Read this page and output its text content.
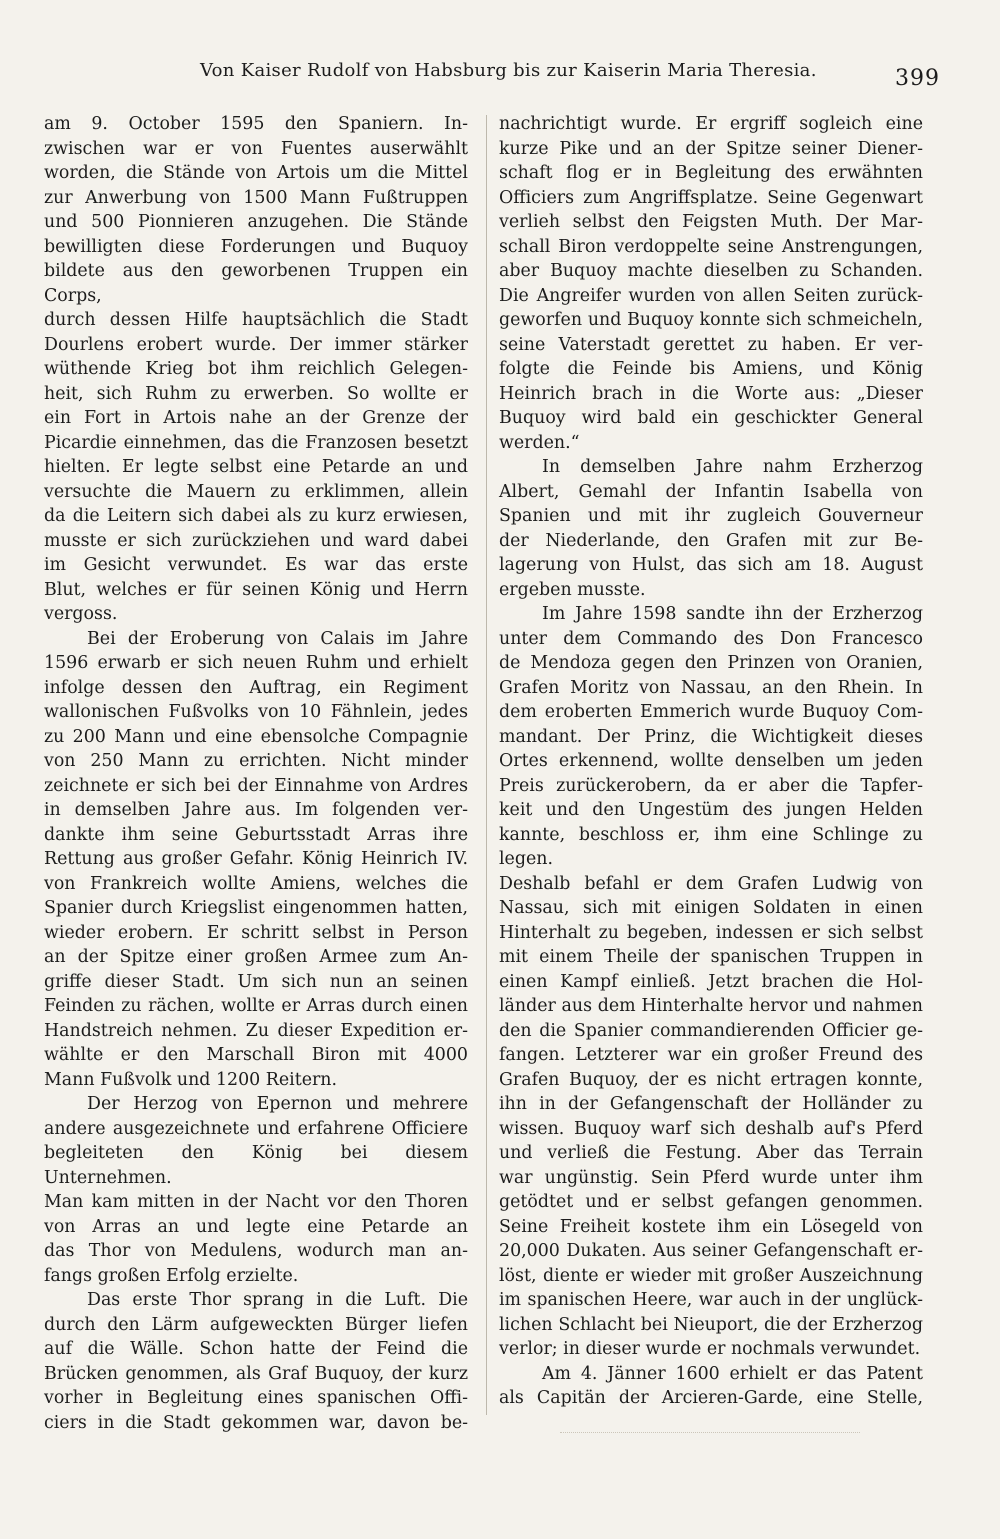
Von Kaiser Rudolf von Habsburg bis zur Kaiserin Maria Theresia.	399

am 9. October 1595 den Spaniern. In-

zwischen war er von Fuentes auserwählt

worden, die Stände von Artois um die Mittel

zur Anwerbung von 1500 Mann Fußtruppen

und 500 Pionnieren anzugehen. Die Stände

bewilligten diese Forderungen und Buquoy

bildete aus den geworbenen Truppen ein Corps,

durch dessen Hilfe hauptsächlich die Stadt

Dourlens erobert wurde. Der immer stärker

wüthende Krieg bot ihm reichlich Gelegen-

heit, sich Ruhm zu erwerben. So wollte er

ein Fort in Artois nahe an der Grenze der

Picardie einnehmen, das die Franzosen besetzt

hielten. Er legte selbst eine Petarde an und

versuchte die Mauern zu erklimmen, allein

da die Leitern sich dabei als zu kurz erwiesen,

musste er sich zurückziehen und ward dabei

im Gesicht verwundet. Es war das erste

Blut, welches er für seinen König und Herrn

vergoss.

Bei der Eroberung von Calais im Jahre

1596 erwarb er sich neuen Ruhm und erhielt

infolge dessen den Auftrag, ein Regiment

wallonischen Fußvolks von 10 Fähnlein, jedes

zu 200 Mann und eine ebensolche Compagnie

von 250 Mann zu errichten. Nicht minder

zeichnete er sich bei der Einnahme von Ardres

in demselben Jahre aus. Im folgenden ver-

dankte ihm seine Geburtsstadt Arras ihre

Rettung aus großer Gefahr. König Heinrich IV.

von Frankreich wollte Amiens, welches die

Spanier durch Kriegslist eingenommen hatten,

wieder erobern. Er schritt selbst in Person

an der Spitze einer großen Armee zum An-

griffe dieser Stadt. Um sich nun an seinen

Feinden zu rächen, wollte er Arras durch einen

Handstreich nehmen. Zu dieser Expedition er-

wählte er den Marschall Biron mit 4000

Mann Fußvolk und 1200 Reitern.

Der Herzog von Epernon und mehrere

andere ausgezeichnete und erfahrene Officiere

begleiteten den König bei diesem Unternehmen.

Man kam mitten in der Nacht vor den Thoren

von Arras an und legte eine Petarde an

das Thor von Medulens, wodurch man an-

fangs großen Erfolg erzielte.

Das erste Thor sprang in die Luft. Die

durch den Lärm aufgeweckten Bürger liefen

auf die Wälle. Schon hatte der Feind die

Brücken genommen, als Graf Buquoy, der kurz

vorher in Begleitung eines spanischen Offi-

ciers in die Stadt gekommen war, davon be-

nachrichtigt wurde. Er ergriff sogleich eine

kurze Pike und an der Spitze seiner Diener-

schaft flog er in Begleitung des erwähnten

Officiers zum Angriffsplatze. Seine Gegenwart

verlieh selbst den Feigsten Muth. Der Mar-

schall Biron verdoppelte seine Anstrengungen,

aber Buquoy machte dieselben zu Schanden.

Die Angreifer wurden von allen Seiten zurück-

geworfen und Buquoy konnte sich schmeicheln,

seine Vaterstadt gerettet zu haben. Er ver-

folgte die Feinde bis Amiens, und König

Heinrich brach in die Worte aus: „Dieser

Buquoy wird bald ein geschickter General

werden.“

In demselben Jahre nahm Erzherzog

Albert, Gemahl der Infantin Isabella von

Spanien und mit ihr zugleich Gouverneur

der Niederlande, den Grafen mit zur Be-

lagerung von Hulst, das sich am 18. August

ergeben musste.

Im Jahre 1598 sandte ihn der Erzherzog

unter dem Commando des Don Francesco

de Mendoza gegen den Prinzen von Oranien,

Grafen Moritz von Nassau, an den Rhein. In

dem eroberten Emmerich wurde Buquoy Com-

mandant. Der Prinz, die Wichtigkeit dieses

Ortes erkennend, wollte denselben um jeden

Preis zurückerobern, da er aber die Tapfer-

keit und den Ungestüm des jungen Helden

kannte, beschloss er, ihm eine Schlinge zu legen.

Deshalb befahl er dem Grafen Ludwig von

Nassau, sich mit einigen Soldaten in einen

Hinterhalt zu begeben, indessen er sich selbst

mit einem Theile der spanischen Truppen in

einen Kampf einließ. Jetzt brachen die Hol-

länder aus dem Hinterhalte hervor und nahmen

den die Spanier commandierenden Officier ge-

fangen. Letzterer war ein großer Freund des

Grafen Buquoy, der es nicht ertragen konnte,

ihn in der Gefangenschaft der Holländer zu

wissen. Buquoy warf sich deshalb auf's Pferd

und verließ die Festung. Aber das Terrain

war ungünstig. Sein Pferd wurde unter ihm

getödtet und er selbst gefangen genommen.

Seine Freiheit kostete ihm ein Lösegeld von

20,000 Dukaten. Aus seiner Gefangenschaft er-

löst, diente er wieder mit großer Auszeichnung

im spanischen Heere, war auch in der unglück-

lichen Schlacht bei Nieuport, die der Erzherzog

verlor; in dieser wurde er nochmals verwundet.

Am 4. Jänner 1600 erhielt er das Patent

als Capitän der Arcieren-Garde, eine Stelle,
